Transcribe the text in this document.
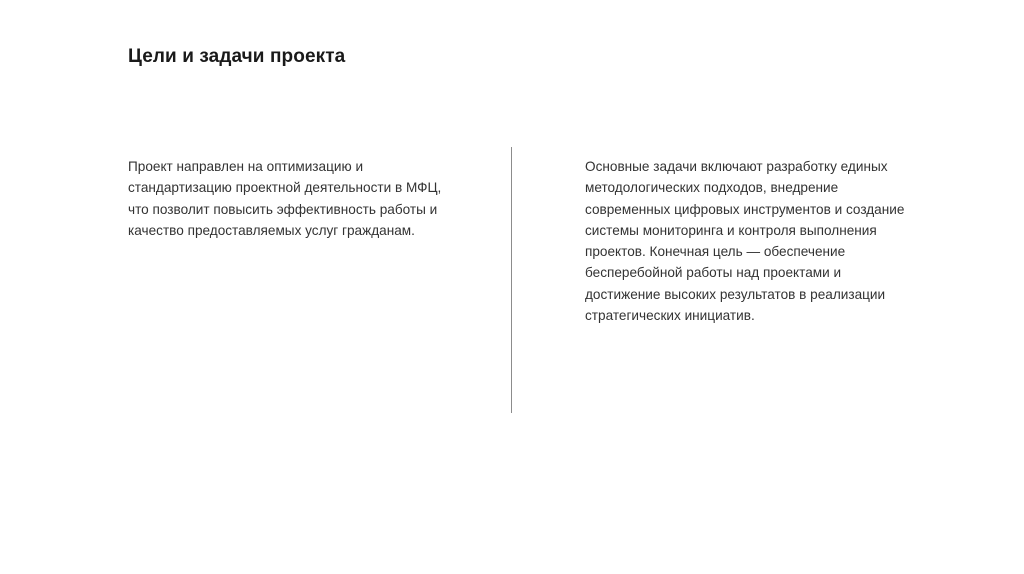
Цели и задачи проекта

Проект направлен на оптимизацию и
стандартизацию проектной деятельности в МФЦ,
что позволит повысить эффективность работы и
качество предоставляемых услуг гражданам.

Основные задачи включают разработку единых
методологических подходов, внедрение
современных цифровых инструментов и создание
системы мониторинга и контроля выполнения
проектов. Конечная цель — обеспечение
бесперебойной работы над проектами и
достижение высоких результатов в реализации
стратегических инициатив.
